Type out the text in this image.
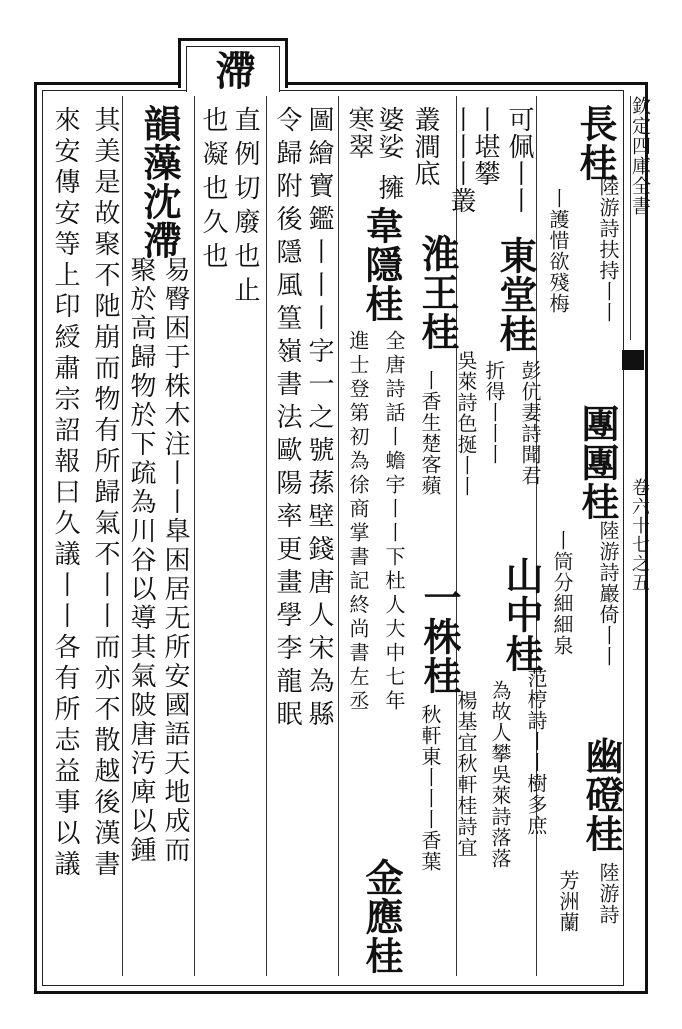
欽定四庫全書
卷六十七之五
滯
長桂
陸游詩扶持丨丨
團團桂
陸游詩巖倚丨丨
幽磴桂
陸游詩
丨護惜欲殘梅
丨筒分細細泉
芳洲蘭
可佩丨丨
山中桂
范梈詩丨丨樹多庶
丨堪攀
東堂桂
彭伉妻詩聞君
為故人攀吳萊詩落落
叢澗底
折得丨丨丨
丨丨丨叢
淮王桂
吳萊詩色挻丨丨
一株桂
楊基宜秋軒桂詩宜
婆娑
擁
丨香生楚客蘋
秋軒東丨丨丨香葉
寒翠
韋隱桂
全唐詩話丨蟾宇丨丨下杜人大中七年
金應桂
進士登第初為徐商掌書記終尚書左丞
圖繪寶鑑丨丨丨字一之號蓀壁錢唐人宋為縣
令歸附後隱風篁嶺書法歐陽率更畫學李龍眠
直例切廢也止
也凝也久也
韻藻
沈滯
易臀困于株木注丨丨臯困居无所安國語天地成而
聚於高歸物於下疏為川谷以導其氣陂唐汚庳以鍾
其美是故聚不阤崩而物有所歸氣不丨丨而亦不散越後漢書
來安傳安等上印綬肅宗詔報曰久議丨丨各有所志益事以議
